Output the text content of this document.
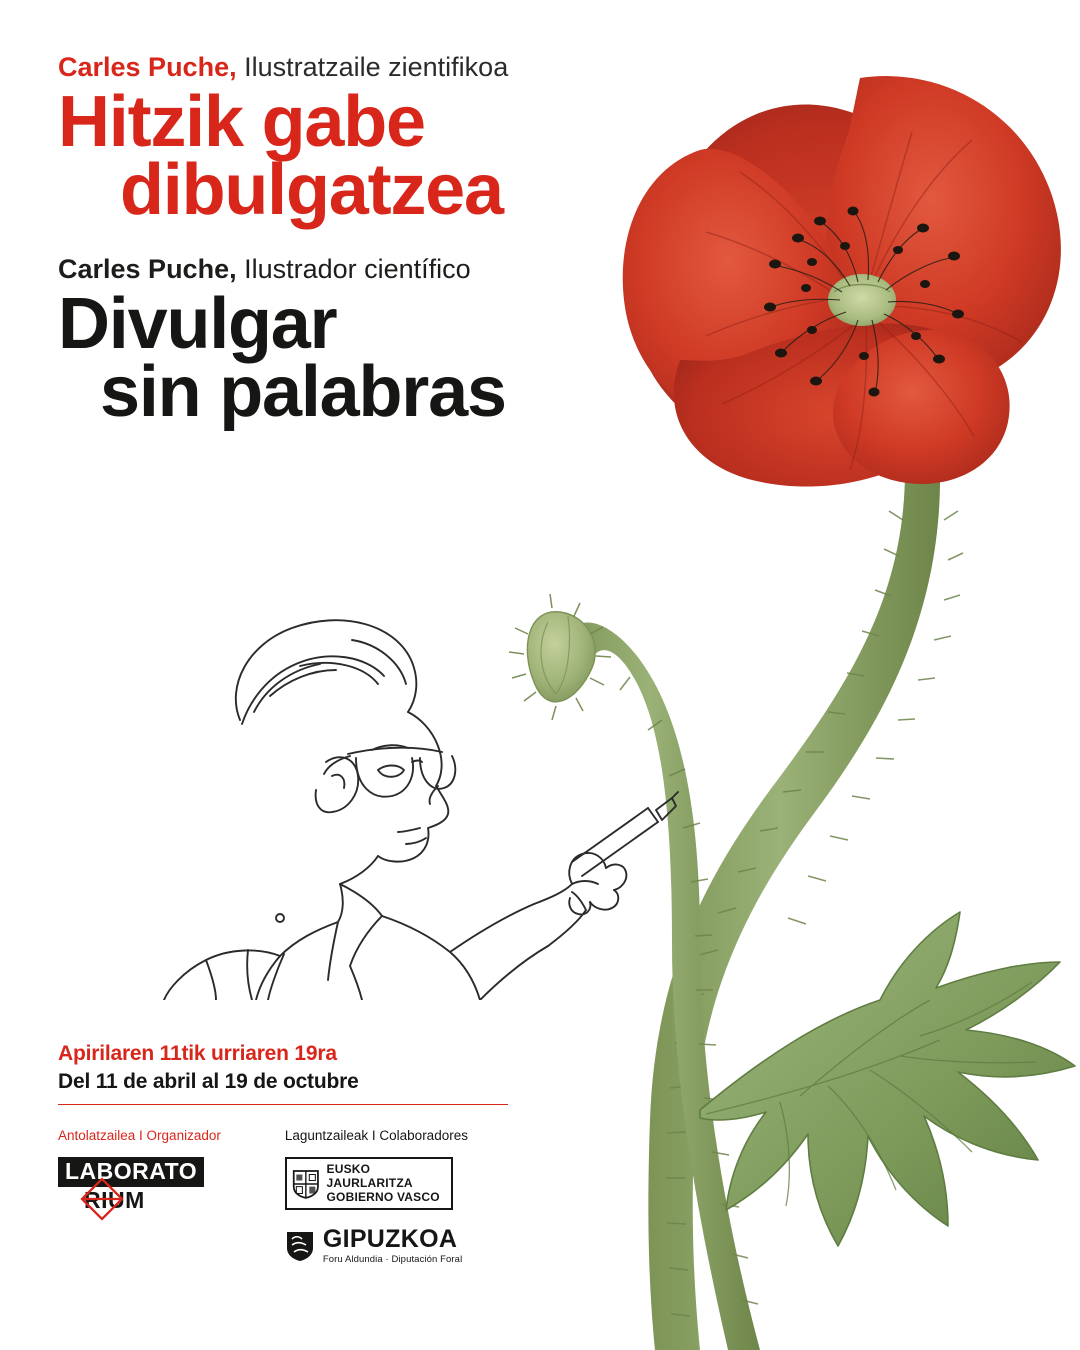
Carles Puche, Ilustratzaile zientifikoa

Hitzik gabe
dibulgatzea

Carles Puche, Ilustrador científico

Divulgar
sin palabras

Apirilaren 11tik urriaren 19ra

Del 11 de abril al 19 de octubre

Antolatzailea I Organizador

LABORATO
RIUM

Laguntzaileak I Colaboradores

EUSKO JAURLARITZA
GOBIERNO VASCO
GIPUZKOA
Foru Aldundia · Diputación Foral
